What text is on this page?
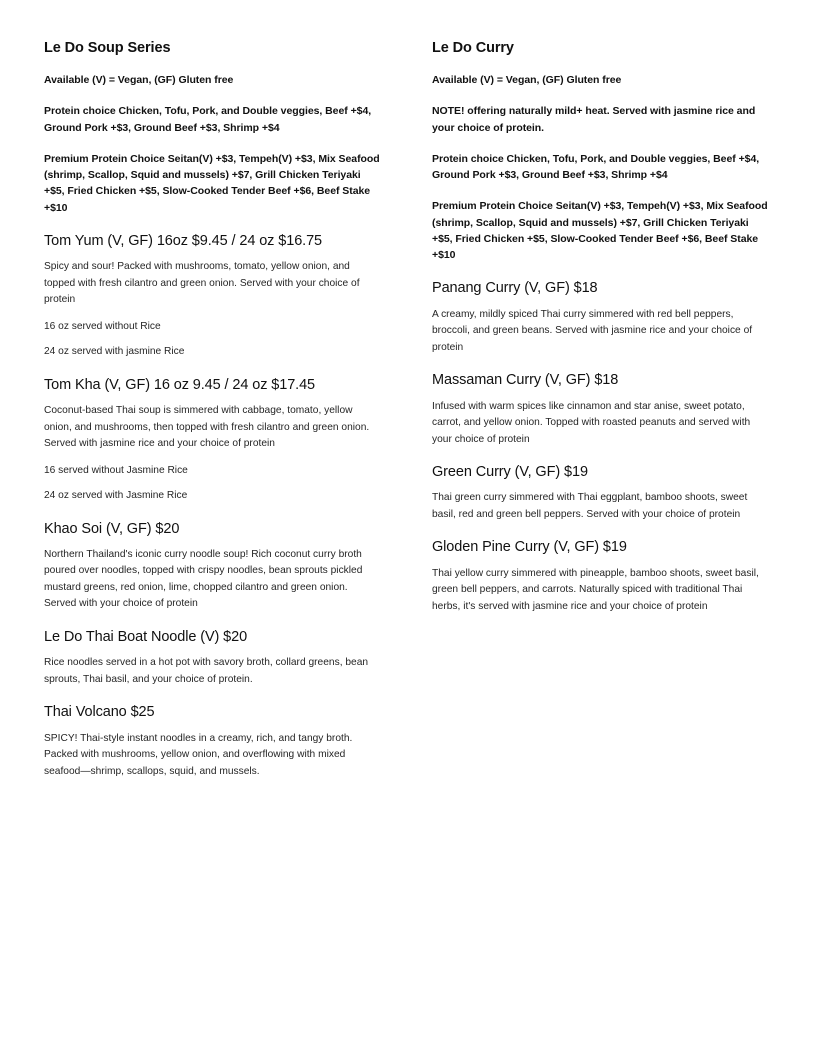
Le Do Soup Series

Available (V) = Vegan, (GF) Gluten free

Protein choice Chicken, Tofu, Pork, and Double veggies, Beef +$4, Ground Pork +$3, Ground Beef +$3, Shrimp +$4

Premium Protein Choice Seitan(V) +$3, Tempeh(V) +$3, Mix Seafood (shrimp, Scallop, Squid and mussels) +$7, Grill Chicken Teriyaki +$5, Fried Chicken +$5, Slow-Cooked Tender Beef +$6, Beef Stake +$10

Tom Yum (V, GF) 16oz $9.45 / 24 oz $16.75
Spicy and sour! Packed with mushrooms, tomato, yellow onion, and topped with fresh cilantro and green onion. Served with your choice of protein
16 oz served without Rice
24 oz served with jasmine Rice
Tom Kha (V, GF) 16 oz 9.45 / 24 oz $17.45
Coconut-based Thai soup is simmered with cabbage, tomato, yellow onion, and mushrooms, then topped with fresh cilantro and green onion. Served with jasmine rice and your choice of protein
16 served without Jasmine Rice
24 oz served with Jasmine Rice
Khao Soi (V, GF) $20
Northern Thailand's iconic curry noodle soup! Rich coconut curry broth poured over noodles, topped with crispy noodles, bean sprouts pickled mustard greens, red onion, lime, chopped cilantro and green onion. Served with your choice of protein
Le Do Thai Boat Noodle (V) $20
Rice noodles served in a hot pot with savory broth, collard greens, bean sprouts, Thai basil, and your choice of protein.
Thai Volcano $25
SPICY! Thai-style instant noodles in a creamy, rich, and tangy broth. Packed with mushrooms, yellow onion, and overflowing with mixed seafood—shrimp, scallops, squid, and mussels.
Le Do Curry

Available (V) = Vegan, (GF) Gluten free

NOTE! offering naturally mild+ heat. Served with jasmine rice and your choice of protein.

Protein choice Chicken, Tofu, Pork, and Double veggies, Beef +$4, Ground Pork +$3, Ground Beef +$3, Shrimp +$4

Premium Protein Choice Seitan(V) +$3, Tempeh(V) +$3, Mix Seafood (shrimp, Scallop, Squid and mussels) +$7, Grill Chicken Teriyaki +$5, Fried Chicken +$5, Slow-Cooked Tender Beef +$6, Beef Stake +$10

Panang Curry (V, GF) $18
A creamy, mildly spiced Thai curry simmered with red bell peppers, broccoli, and green beans. Served with jasmine rice and your choice of protein
Massaman Curry (V, GF) $18
Infused with warm spices like cinnamon and star anise, sweet potato, carrot, and yellow onion. Topped with roasted peanuts and served with your choice of protein
Green Curry (V, GF) $19
Thai green curry simmered with Thai eggplant, bamboo shoots, sweet basil, red and green bell peppers. Served with your choice of protein
Gloden Pine Curry (V, GF) $19
Thai yellow curry simmered with pineapple, bamboo shoots, sweet basil, green bell peppers, and carrots. Naturally spiced with traditional Thai herbs, it's served with jasmine rice and your choice of protein
